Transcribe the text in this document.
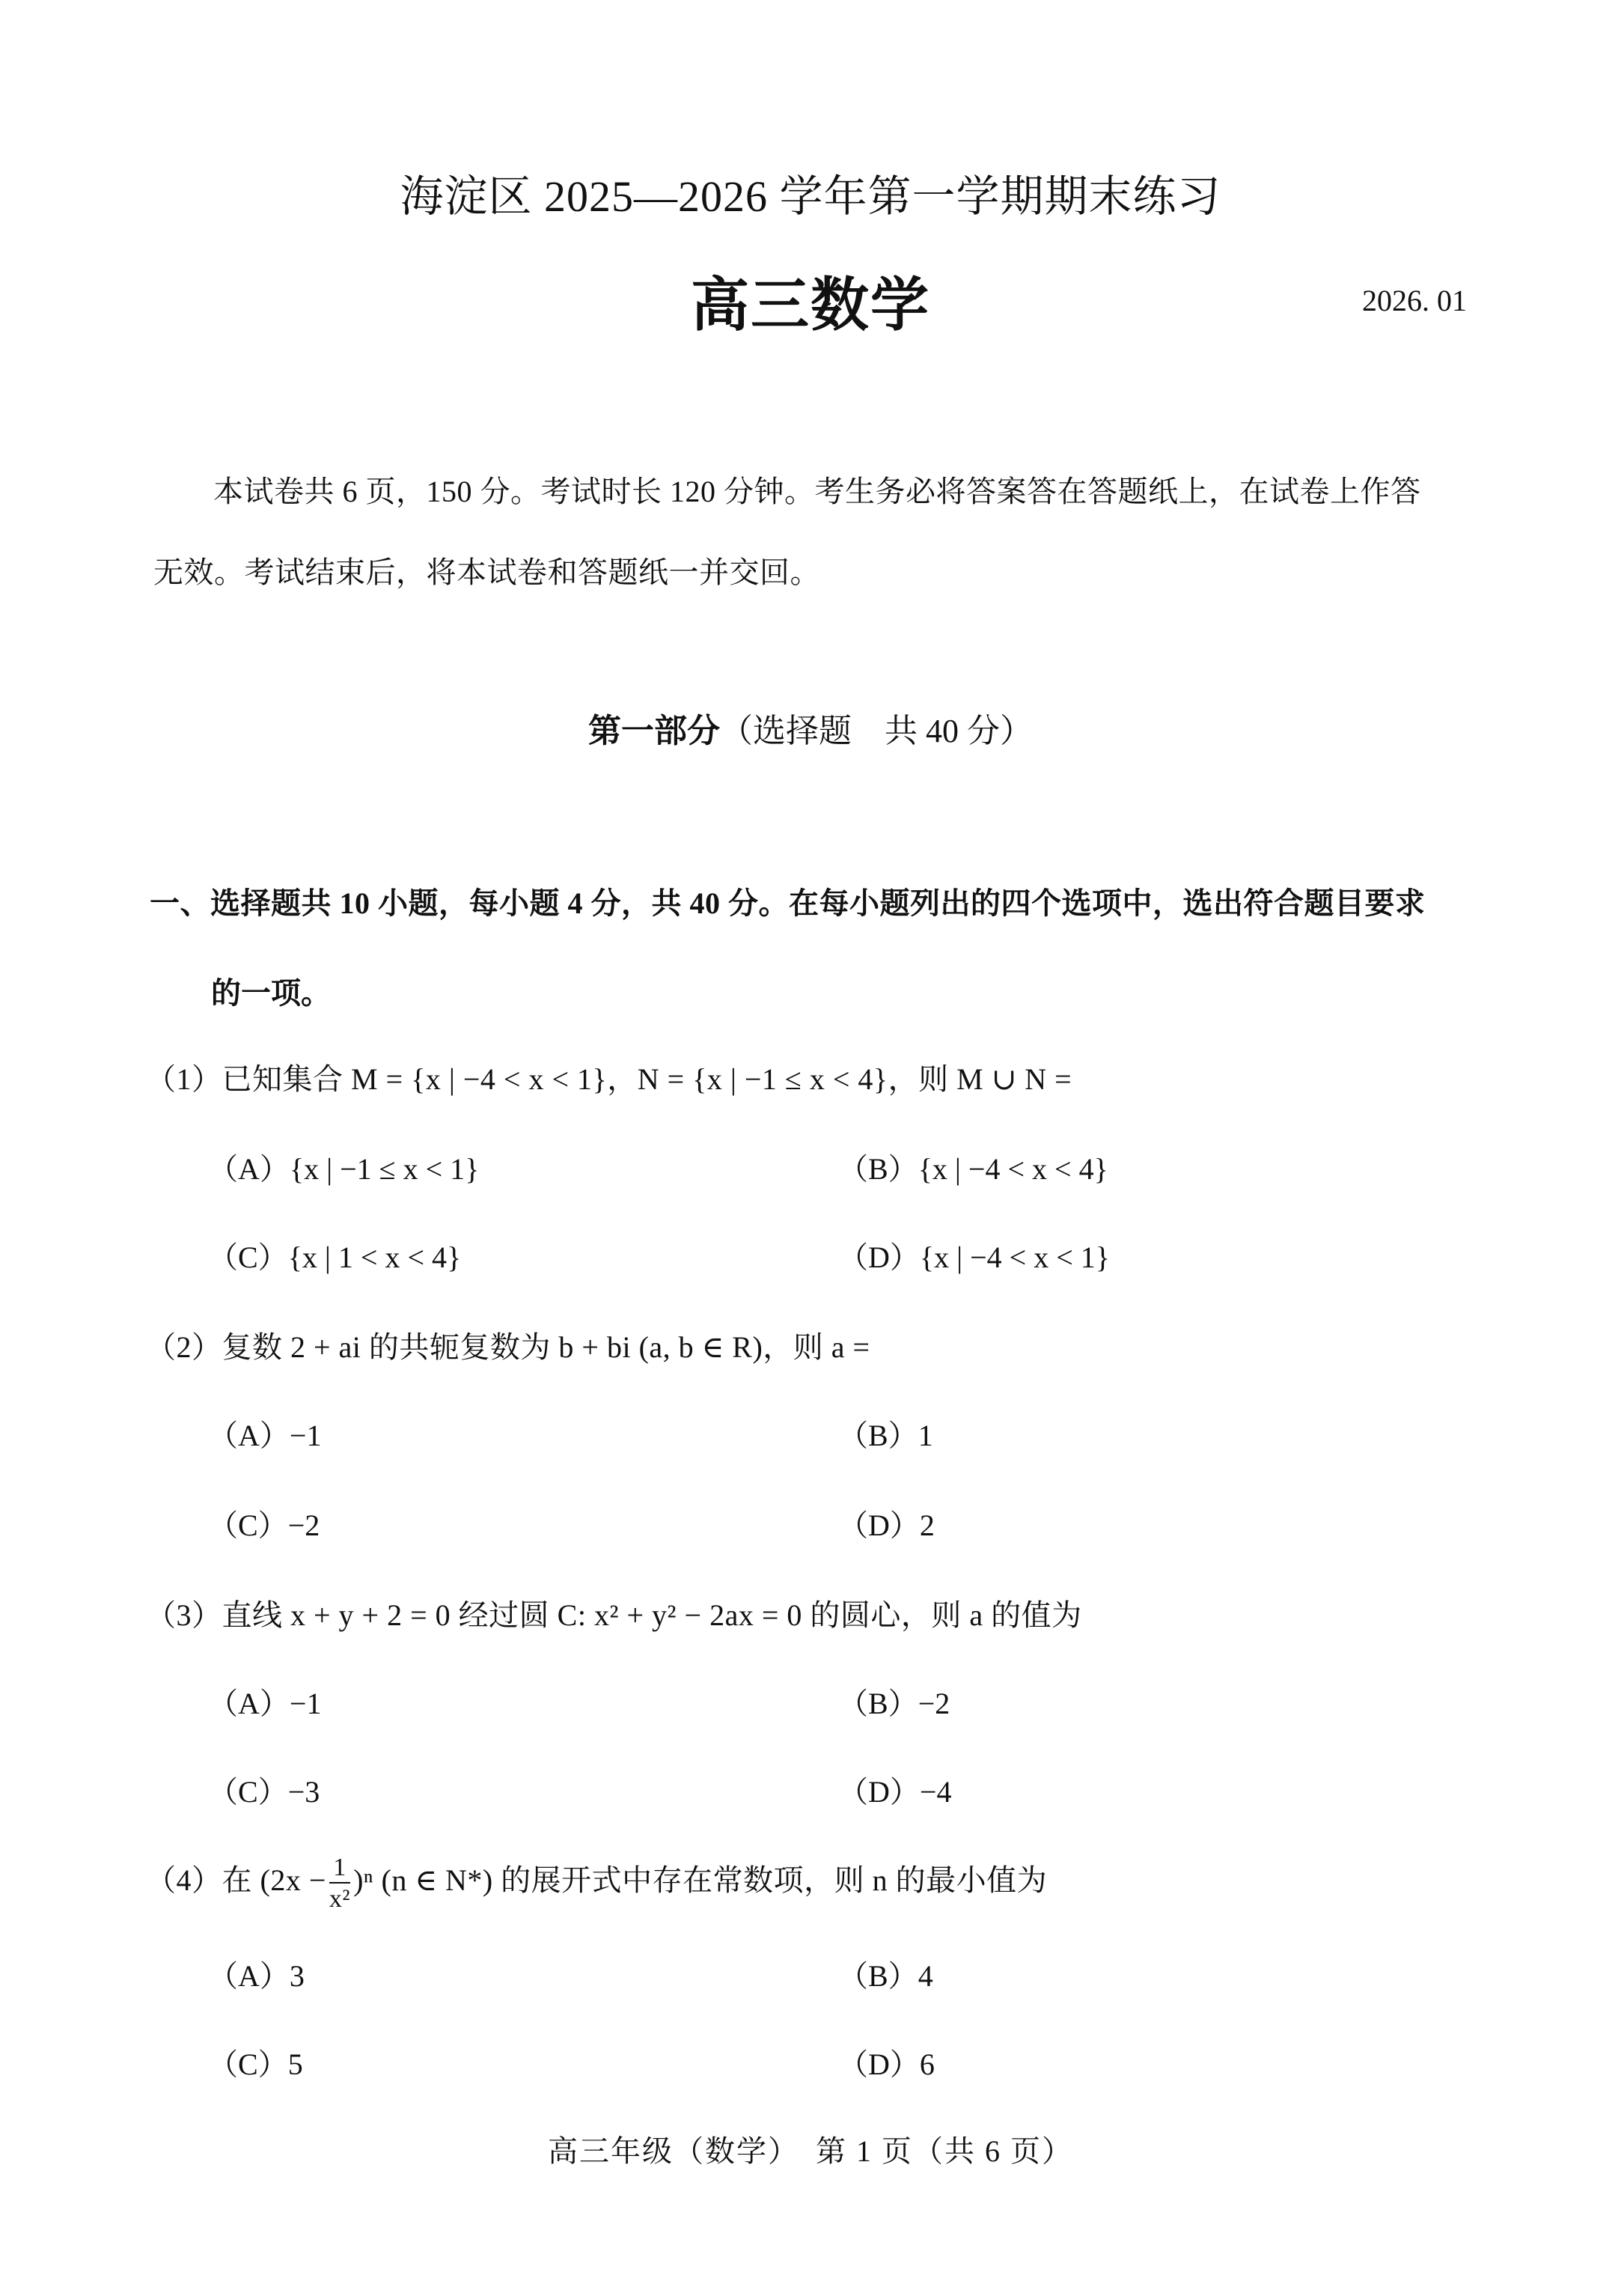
海淀区 2025—2026 学年第一学期期末练习
高三数学	2026. 01
本试卷共 6 页，150 分。考试时长 120 分钟。考生务必将答案答在答题纸上，在试卷上作答
无效。考试结束后，将本试卷和答题纸一并交回。
第一部分（选择题　共 40 分）
一、选择题共 10 小题，每小题 4 分，共 40 分。在每小题列出的四个选项中，选出符合题目要求
的一项。
（1）已知集合 M = {x | −4 < x < 1}，N = {x | −1 ≤ x < 4}，则 M ∪ N =
（A）{x | −1 ≤ x < 1}	（B）{x | −4 < x < 4}
（C）{x | 1 < x < 4}	（D）{x | −4 < x < 1}
（2）复数 2 + ai 的共轭复数为 b + bi (a, b ∈ R)，则 a =
（A）−1	（B）1
（C）−2	（D）2
（3）直线 x + y + 2 = 0 经过圆 C: x² + y² − 2ax = 0 的圆心，则 a 的值为
（A）−1	（B）−2
（C）−3	（D）−4
（4）在 $(2x - \frac{1}{\text{x²}} )^n$ (n ∈ N*) 的展开式中存在常数项，则 n 的最小值为
（A）3	（B）4
（C）5	（D）6
高三年级（数学）　第 1 页（共 6 页）
